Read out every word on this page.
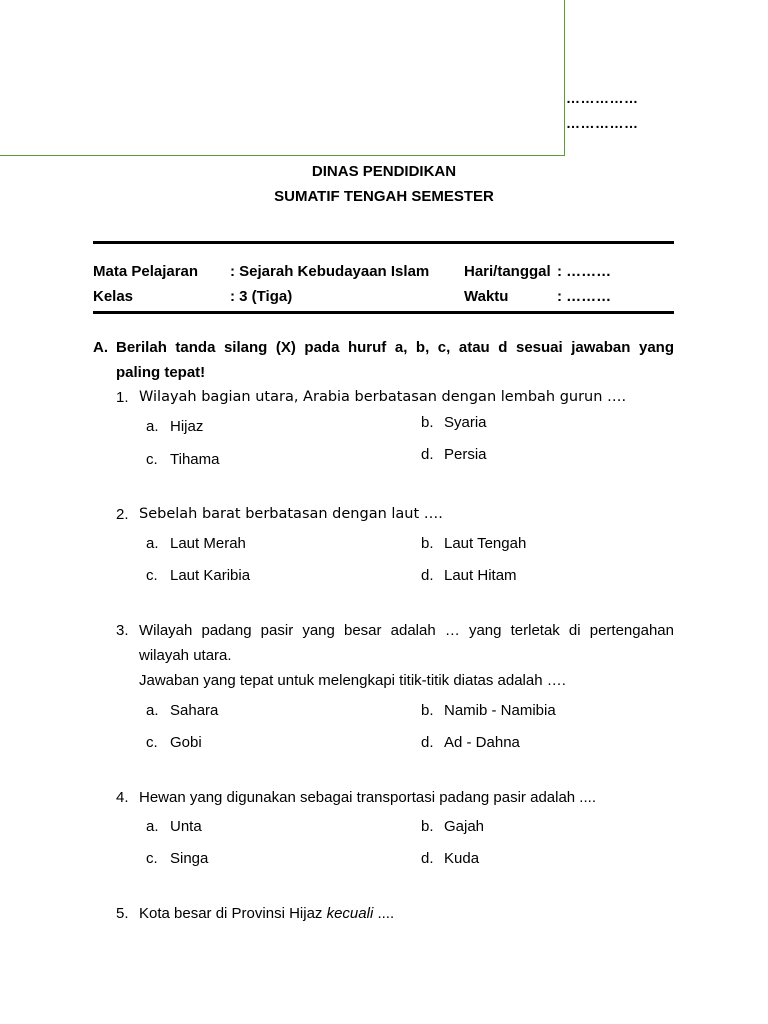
……………
……………
DINAS PENDIDIKAN
SUMATIF TENGAH SEMESTER
Mata Pelajaran : Sejarah Kebudayaan Islam Hari/tanggal : ………
Kelas	: 3 (Tiga)	Waktu	: ………
A. Berilah tanda silang (X) pada huruf a, b, c, atau d sesuai jawaban yang
paling tepat!
1. Wilayah bagian utara, Arabia berbatasan dengan lembah gurun ….
a. Hijaz	b. Syaria
c. Tihama	d. Persia
2. Sebelah barat berbatasan dengan laut ….
a. Laut Merah	b. Laut Tengah
c. Laut Karibia	d. Laut Hitam
3. Wilayah padang pasir yang besar adalah … yang terletak di pertengahan
wilayah utara.
Jawaban yang tepat untuk melengkapi titik-titik diatas adalah ….
a. Sahara	b. Namib - Namibia
c. Gobi	d. Ad - Dahna
4. Hewan yang digunakan sebagai transportasi padang pasir adalah ....
a. Unta	b. Gajah
c. Singa	d. Kuda
5. Kota besar di Provinsi Hijaz kecuali ....
